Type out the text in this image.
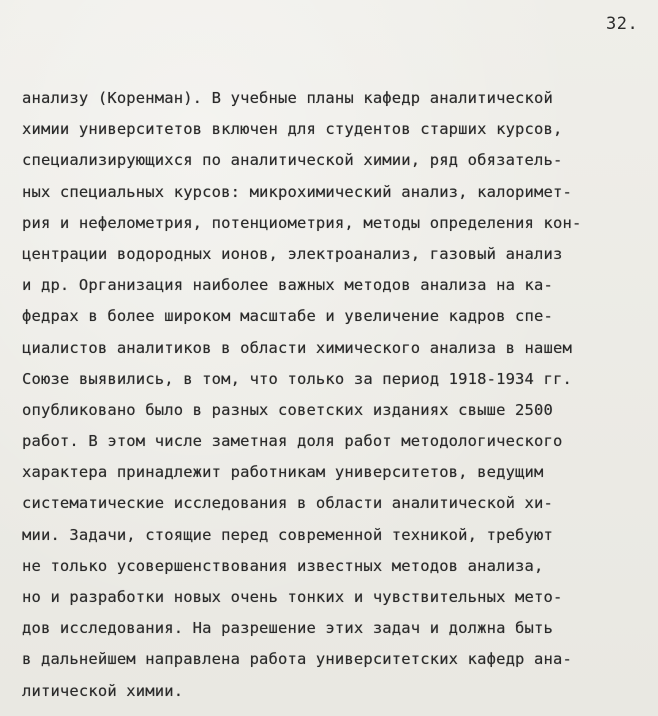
32.
анализу (Коренман). В учебные планы кафедр аналитической
химии университетов включен для студентов старших курсов,
специализирующихся по аналитической химии, ряд обязатель-
ных специальных курсов: микрохимический анализ, калоримет-
рия и нефелометрия, потенциометрия, методы определения кон-
центрации водородных ионов, электроанализ, газовый анализ
и др. Организация наиболее важных методов анализа на ка-
федрах в более широком масштабе и увеличение кадров спе-
циалистов аналитиков в области химического анализа в нашем
Союзе выявились, в том, что только за период 1918-1934 гг.
опубликовано было в разных советских изданиях свыше 2500
работ. В этом числе заметная доля работ методологического
характера принадлежит работникам университетов, ведущим
систематические исследования в области аналитической хи-
мии. Задачи, стоящие перед современной техникой, требуют
не только усовершенствования известных методов анализа,
но и разработки новых очень тонких и чувствительных мето-
дов исследования. На разрешение этих задач и должна быть
в дальнейшем направлена работа университетских кафедр ана-
литической химии.
